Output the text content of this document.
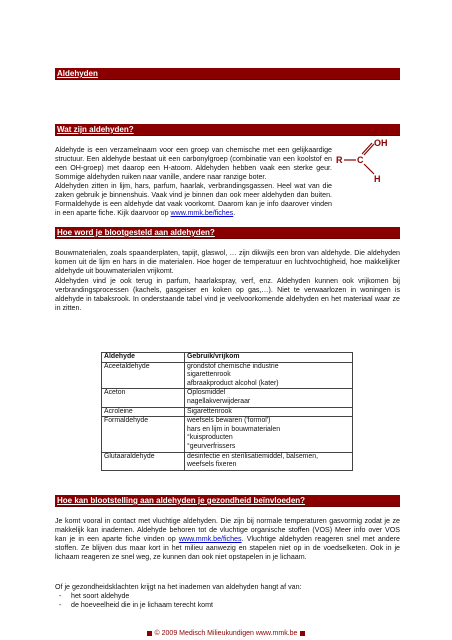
Aldehyden
Wat zijn aldehyden?

Aldehyde is een verzamelnaam voor een groep van chemische met een gelijkaardige structuur. Een aldehyde bestaat uit een carbonylgroep (combinatie van een koolstof en een OH-groep) met daarop een H-atoom. Aldehyden hebben vaak een sterke geur. Sommige aldehyden ruiken naar vanille, andere naar ranzige boter.

Aldehyden zitten in lijm, hars, parfum, haarlak, verbrandingsgassen. Heel wat van die zaken gebruik je binnenshuis. Vaak vind je binnen dan ook meer aldehyden dan buiten. Formaldehyde is een aldehyde dat vaak voorkomt. Daarom kan je info daarover vinden in een aparte fiche. Kijk daarvoor op www.mmk.be/fiches.

R C
OH
H
Hoe word je blootgesteld aan aldehyden?

Bouwmaterialen, zoals spaanderplaten, tapijt, glaswol, … zijn dikwijls een bron van aldehyde. Die aldehyden komen uit de lijm en hars in die materialen. Hoe hoger de temperatuur en luchtvochtigheid, hoe makkelijker aldehyde uit bouwmaterialen vrijkomt.

Aldehyden vind je ook terug in parfum, haarlakspray, verf, enz. Aldehyden kunnen ook vrijkomen bij verbrandingsprocessen (kachels, gasgeiser en koken op gas,…). Niet te verwaarlozen in woningen is aldehyde in tabaksrook. In onderstaande tabel vind je veelvoorkomende aldehyden en het materiaal waar ze in zitten.

Aldehyde	Gebruik/vrijkom
Aceetaldehyde	grondstof chemische industrie
sigarettenrook
afbraakproduct alcohol (kater)

Aceton	Oplosmiddel
nagellakverwijderaar

Acroleine	Sigarettenrook

Formaldehyde	weefsels bewaren ('formol')
hars en lijm in bouwmaterialen
°kuisproducten
°geurverfrissers

Glutaaraldehyde	desinfectie en sterilisatiemiddel, balsemen,
weefsels fixeren
Hoe kan blootstelling aan aldehyden je gezondheid beïnvloeden?

Je komt vooral in contact met vluchtige aldehyden. Die zijn bij normale temperaturen gasvormig zodat je ze makkelijk kan inademen. Aldehyde behoren tot de vluchtige organische stoffen (VOS) Meer info over VOS kan je in een aparte fiche vinden op www.mmk.be/fiches. Vluchtige aldehyden reageren snel met andere stoffen. Ze blijven dus maar kort in het milieu aanwezig en stapelen niet op in de voedselketen. Ook in je lichaam reageren ze snel weg, ze kunnen dan ook niet opstapelen in je lichaam.

Of je gezondheidsklachten krijgt na het inademen van aldehyden hangt af van:
- het soort aldehyde
- de hoeveelheid die in je lichaam terecht komt
© 2009 Medisch Milieukundigen www.mmk.be
